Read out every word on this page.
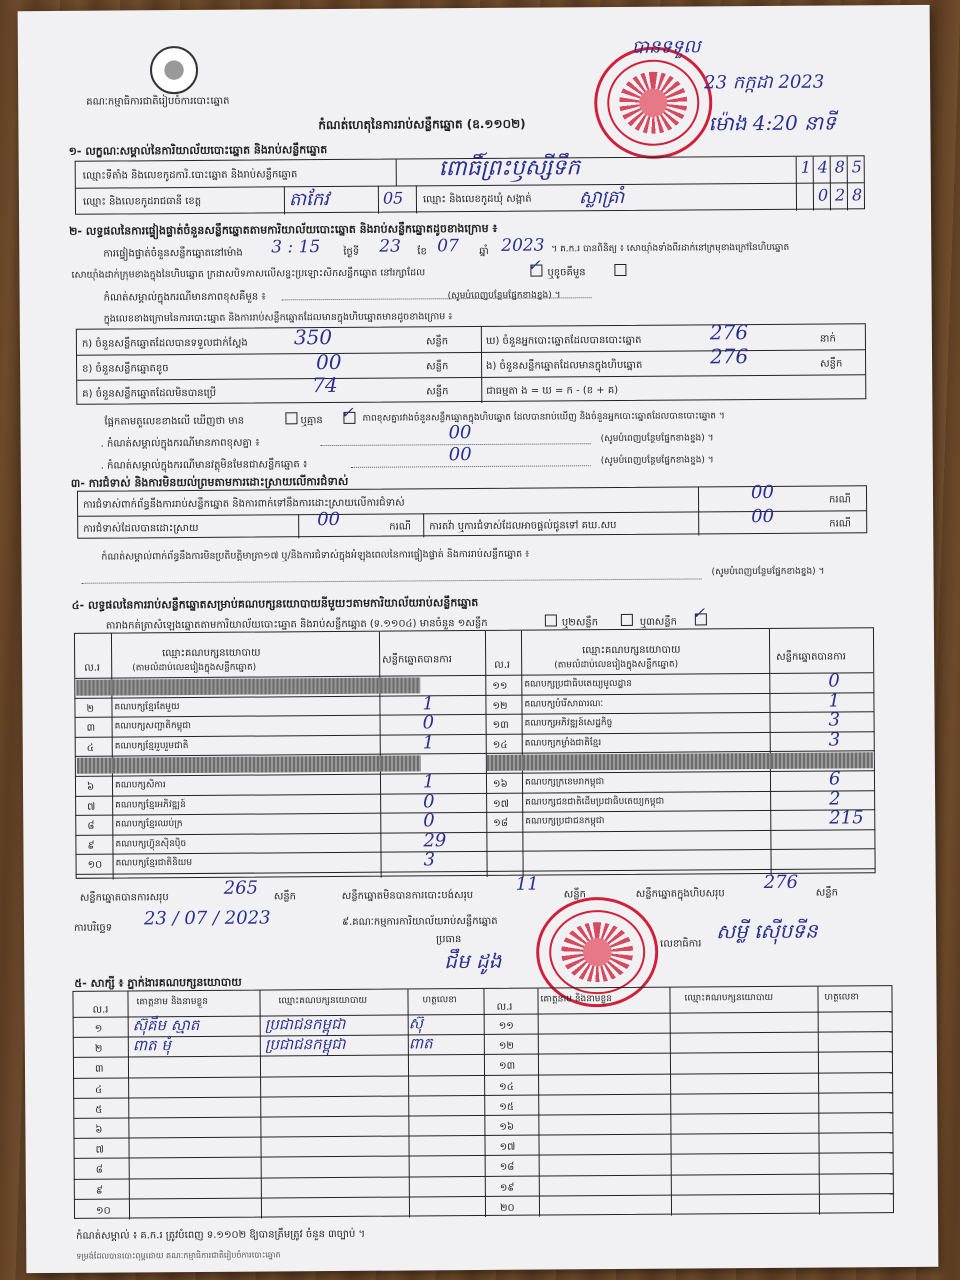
គណៈកម្មាធិការជាតិរៀបចំការបោះឆ្នោត
កំណត់ហេតុនៃការរាប់សន្លឹកឆ្នោត (ឧ.១១០២)
បានទទួល
23 កក្កដា 2023
ម៉ោង 4:20 នាទី
១- លក្ខណៈសម្គាល់នៃការិយាល័យបោះឆ្នោត និងរាប់សន្លឹកឆ្នោត
ឈ្មោះទីតាំង និងលេខកូដការិ.បោះឆ្នោត និងរាប់សន្លឹកឆ្នោត	ពោធិ៍ព្រះឫស្សីទឹក	1 4 8 5
ឈ្មោះ និងលេខកូដរាជធានី ខេត្ត	តាកែវ	05 ឈ្មោះ និងលេខកូដឃុំ សង្កាត់	ស្លាគ្រាំ	0 2 8
២- លទ្ធផលនៃការផ្ទៀងផ្ទាត់ចំនួនសន្លឹកឆ្នោតតាមការិយាល័យបោះឆ្នោត និងរាប់សន្លឹកឆ្នោតដូចខាងក្រោម ៖
ការផ្ទៀងផ្ទាត់ចំនួនសន្លឹកឆ្នោតនៅម៉ោង 3 : 15 ថ្ងៃទី 23 ខែ 07 ឆ្នាំ 2023 ។ គ.ក.រ បានពិនិត្យ ៖ សោយ៉ាំងទាំងពីរដាក់នៅក្រមុខាងក្រៅនៃហិបឆ្នោត
សោយ៉ាំងដាក់ក្រុមខាងក្នុងនៃហិបឆ្នោត ក្រដាសបិទភាសលើសន្ទះប្រឡោះសិកសន្លឹកឆ្នោត នៅរក្សាដែល	✓ ឬខូចគឺមួន
កំណត់សម្គាល់ក្នុងករណីមានភាពខុសគឺមួន ៖	(សូមបំពេញបន្ថែមផ្នែកខាងខ្នង) ។
ក្នុងលេខខាងក្រោមនៃការបោះឆ្នោត និងការរាប់សន្លឹកឆ្នោតដែលមានក្នុងហិបឆ្នោតមានដូចខាងក្រោម ៖
ក) ចំនួនសន្លឹកឆ្នោតដែលបានទទួលជាក់ស្តែង 350	សន្លឹក
ខ) ចំនួនសន្លឹកឆ្នោតខូច	00	សន្លឹក
គ) ចំនួនសន្លឹកឆ្នោតដែលមិនបានប្រើ	74	សន្លឹក
ឃ) ចំនួនអ្នកបោះឆ្នោតដែលបានបោះឆ្នោត	276	នាក់
ង) ចំនួនសន្លឹកឆ្នោតដែលមានក្នុងហិបឆ្នោត	276	សន្លឹក
ជាធម្មតា ង = ឃ = ក - (ខ + គ)
ផ្អែកតាមតួលេខខាងលើ ឃើញថា មាន	ឬគ្មាន ✓ ភាពខុសគ្នារវាងចំនួនសន្លឹកឆ្នោតក្នុងហិបឆ្នោត ដែលបានរាប់ឃើញ និងចំនួនអ្នកបោះឆ្នោតដែលបានបោះឆ្នោត ។
. កំណត់សម្គាល់ក្នុងករណីមានភាពខុសគ្នា ៖
00	(សូមបំពេញបន្ថែមផ្នែកខាងខ្នង) ។
. កំណត់សម្គាល់ក្នុងករណីមានវត្ថុមិនមែនជាសន្លឹកឆ្នោត ៖
00	(សូមបំពេញបន្ថែមផ្នែកខាងខ្នង) ។
៣- ការជំទាស់ និងការមិនយល់ព្រមតាមការដោះស្រាយលើការជំទាស់
ការជំទាស់ពាក់ព័ន្ធនឹងការរាប់សន្លឹកឆ្នោត និងការពាក់ទៅនឹងការដោះស្រាយលើការជំទាស់
00	ករណី
ការជំទាស់ដែលបានដោះស្រាយ	00	ករណី ការតវ៉ា ឬការជំទាស់ដែលអាចផ្តល់ជូនទៅ គឃ.សប	00	ករណី
កំណត់សម្គាល់ពាក់ព័ន្ធនឹងការមិនប្រតិបត្តិមាត្រា១៧ ឬ/និងការជំទាស់ក្នុងអំឡុងពេលនៃការផ្ទៀងផ្ទាត់ និងការរាប់សន្លឹកឆ្នោត ៖
(សូមបំពេញបន្ថែមផ្នែកខាងខ្នង) ។
៤- លទ្ធផលនៃការរាប់សន្លឹកឆ្នោតសម្រាប់គណបក្សនយោបាយនីមួយៗតាមការិយាល័យរាប់សន្លឹកឆ្នោត
តារាងកត់ត្រាសំឡេងឆ្នោតតាមការិយាល័យបោះឆ្នោត និងរាប់សន្លឹកឆ្នោត (ទ.១១០៤) មានចំនួន ១សន្លឹក	ឬ២សន្លឹក	ឬ៣សន្លឹក ✓
ល.រ
ឈ្មោះគណបក្សនយោបាយ
(តាមលំដាប់លេខរៀងក្នុងសន្លឹកឆ្នោត)
សន្លឹកឆ្នោតបានការ	ល.រ
ឈ្មោះគណបក្សនយោបាយ
(តាមលំដាប់លេខរៀងក្នុងសន្លឹកឆ្នោត)
សន្លឹកឆ្នោតបានការ
២ គណបក្សខ្មែរតែមួយ	1
៣ គណបក្សសញ្ជាតិកម្ពុជា	0
៤ គណបក្សខ្មែររួបរួមជាតិ	1
៦ គណបក្សសិការ	1
៧ គណបក្សខ្មែរអភិវឌ្ឍន៍	0
៨ គណបក្សខ្មែរឈប់ក្រ	0
៩ គណបក្សហ៊្វុនស៊ិនប៉ិច	29
១០ គណបក្សខ្មែរជាតិនិយម	3
១១ គណបក្សប្រជាធិបតេយ្យមូលដ្ឋាន	0
១២ គណបក្សបំរើសាធារណៈ	1
១៣ គណបក្សអភិវឌ្ឍន៍សេដ្ឋកិច្ច	3
១៤ គណបក្សកម្លាំងជាតិខ្មែរ	3
១៦ គណបក្សក្រខេមរាកម្ពុជា	6
១៧ គណបក្សជនជាតិដើមប្រជាធិបតេយ្យកម្ពុជា	2
១៨ គណបក្សប្រជាជនកម្ពុជា	215
សន្លឹកឆ្នោតបានការសរុប	265 សន្លឹក	សន្លឹកឆ្នោតមិនបានការបោះបង់សរុប
11
សន្លឹក	សន្លឹកឆ្នោតក្នុងហិបសរុប
276
សន្លឹក
ការបរិច្ឆេទ 23 / 07 / 2023	៩.គណៈកម្មការការិយាល័យរាប់សន្លឹកឆ្នោត
ប្រធាន
ជឹម ដូង
លេខាធិការ
សម្លី ស៊ើបទីន
៥- សាក្សី ៖ ភ្នាក់ងារគណបក្សនយោបាយ
ល.រ
គោត្តនាម និងនាមខ្លួន	ឈ្មោះគណបក្សនយោបាយ	ហត្ថលេខា
ល.រ
គោត្តនាម និងនាមខ្លួន	ឈ្មោះគណបក្សនយោបាយ	ហត្ថលេខា
១ ស៊ុគឹម ស្មាត	ប្រជាជនកម្ពុជា	ស៊ុ	១១
២ ពាត មុំ	ប្រជាជនកម្ពុជា	ពាត	១២
៣	១៣
៤	១៤
៥	១៥
៦	១៦
៧	១៧
៨	១៨
៩	១៩
១០	២០
កំណត់សម្គាល់ ៖ គ.ក.រ ត្រូវបំពេញ ទ.១១០២ ឱ្យបានត្រឹមត្រូវ ចំនួន ៣ច្បាប់ ។
ទម្រង់ដែលបានបោះពុម្ពដោយ គណៈកម្មាធិការជាតិរៀបចំការបោះឆ្នោត
